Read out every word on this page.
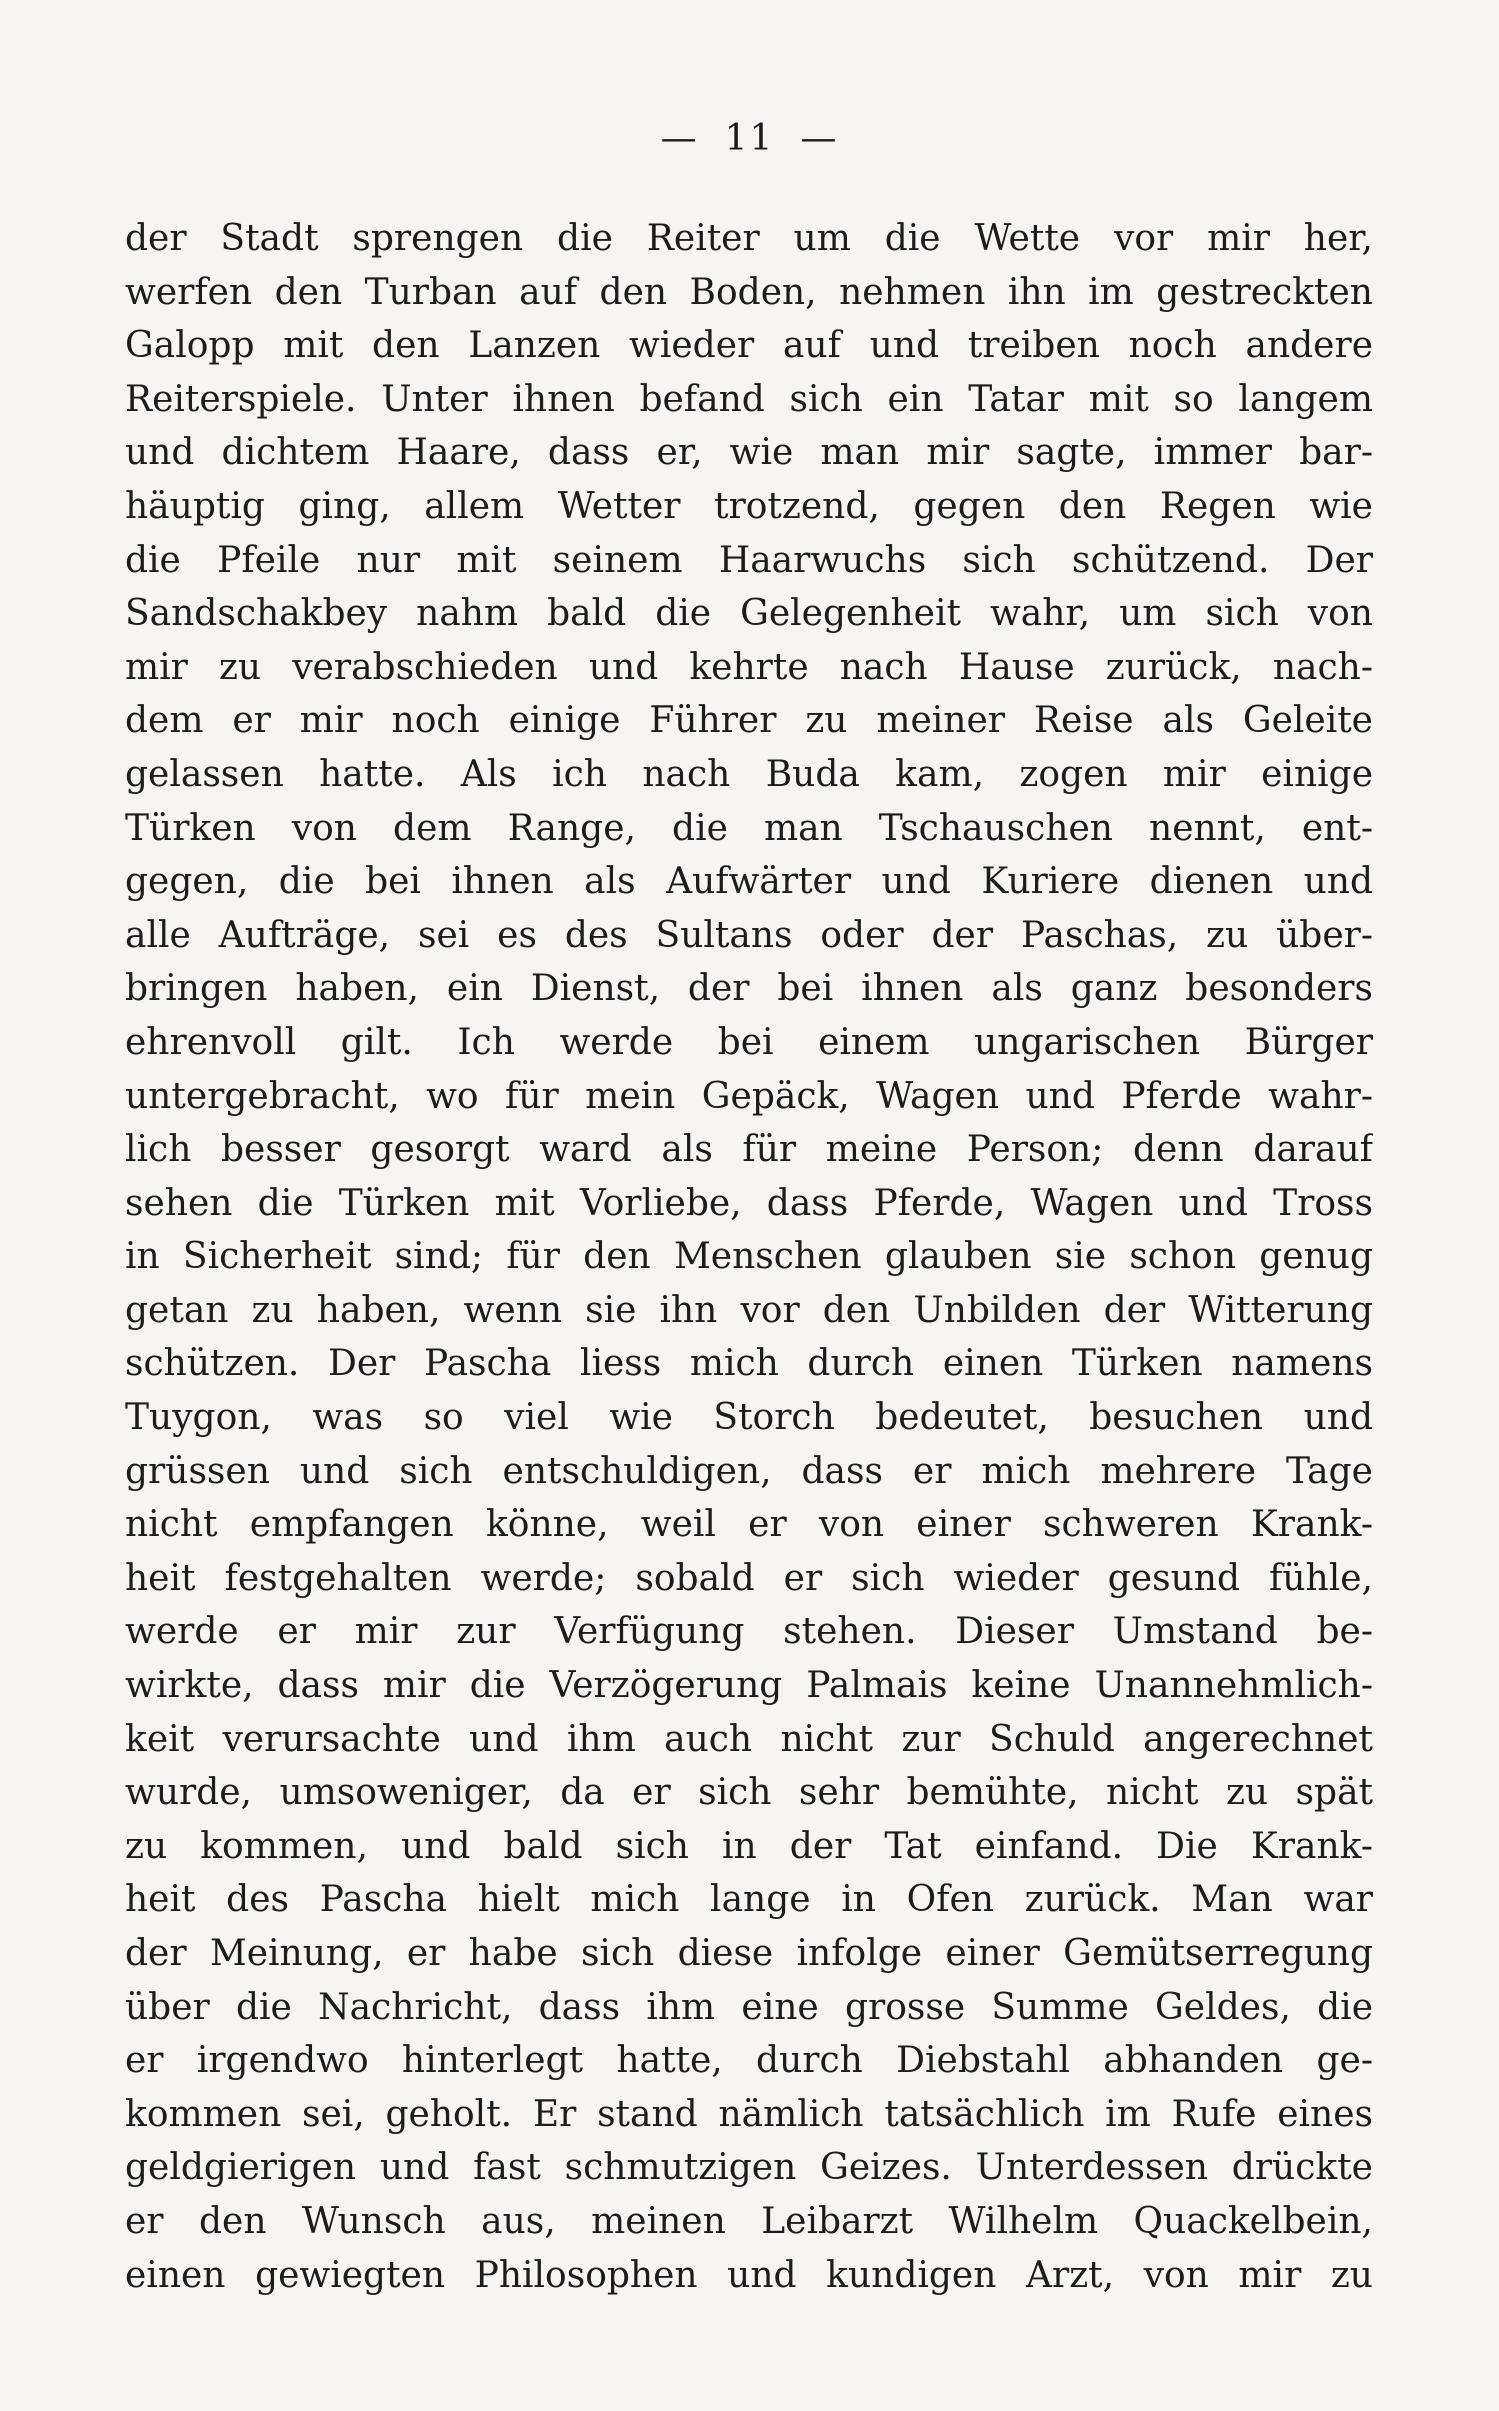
— 11 —
der Stadt sprengen die Reiter um die Wette vor mir her,
werfen den Turban auf den Boden, nehmen ihn im gestreckten
Galopp mit den Lanzen wieder auf und treiben noch andere
Reiterspiele. Unter ihnen befand sich ein Tatar mit so langem
und dichtem Haare, dass er, wie man mir sagte, immer bar-
häuptig ging, allem Wetter trotzend, gegen den Regen wie
die Pfeile nur mit seinem Haarwuchs sich schützend. Der
Sandschakbey nahm bald die Gelegenheit wahr, um sich von
mir zu verabschieden und kehrte nach Hause zurück, nach-
dem er mir noch einige Führer zu meiner Reise als Geleite
gelassen hatte. Als ich nach Buda kam, zogen mir einige
Türken von dem Range, die man Tschauschen nennt, ent-
gegen, die bei ihnen als Aufwärter und Kuriere dienen und
alle Aufträge, sei es des Sultans oder der Paschas, zu über-
bringen haben, ein Dienst, der bei ihnen als ganz besonders
ehrenvoll gilt. Ich werde bei einem ungarischen Bürger
untergebracht, wo für mein Gepäck, Wagen und Pferde wahr-
lich besser gesorgt ward als für meine Person; denn darauf
sehen die Türken mit Vorliebe, dass Pferde, Wagen und Tross
in Sicherheit sind; für den Menschen glauben sie schon genug
getan zu haben, wenn sie ihn vor den Unbilden der Witterung
schützen. Der Pascha liess mich durch einen Türken namens
Tuygon, was so viel wie Storch bedeutet, besuchen und
grüssen und sich entschuldigen, dass er mich mehrere Tage
nicht empfangen könne, weil er von einer schweren Krank-
heit festgehalten werde; sobald er sich wieder gesund fühle,
werde er mir zur Verfügung stehen. Dieser Umstand be-
wirkte, dass mir die Verzögerung Palmais keine Unannehmlich-
keit verursachte und ihm auch nicht zur Schuld angerechnet
wurde, umsoweniger, da er sich sehr bemühte, nicht zu spät
zu kommen, und bald sich in der Tat einfand. Die Krank-
heit des Pascha hielt mich lange in Ofen zurück. Man war
der Meinung, er habe sich diese infolge einer Gemütserregung
über die Nachricht, dass ihm eine grosse Summe Geldes, die
er irgendwo hinterlegt hatte, durch Diebstahl abhanden ge-
kommen sei, geholt. Er stand nämlich tatsächlich im Rufe eines
geldgierigen und fast schmutzigen Geizes. Unterdessen drückte
er den Wunsch aus, meinen Leibarzt Wilhelm Quackelbein,
einen gewiegten Philosophen und kundigen Arzt, von mir zu
